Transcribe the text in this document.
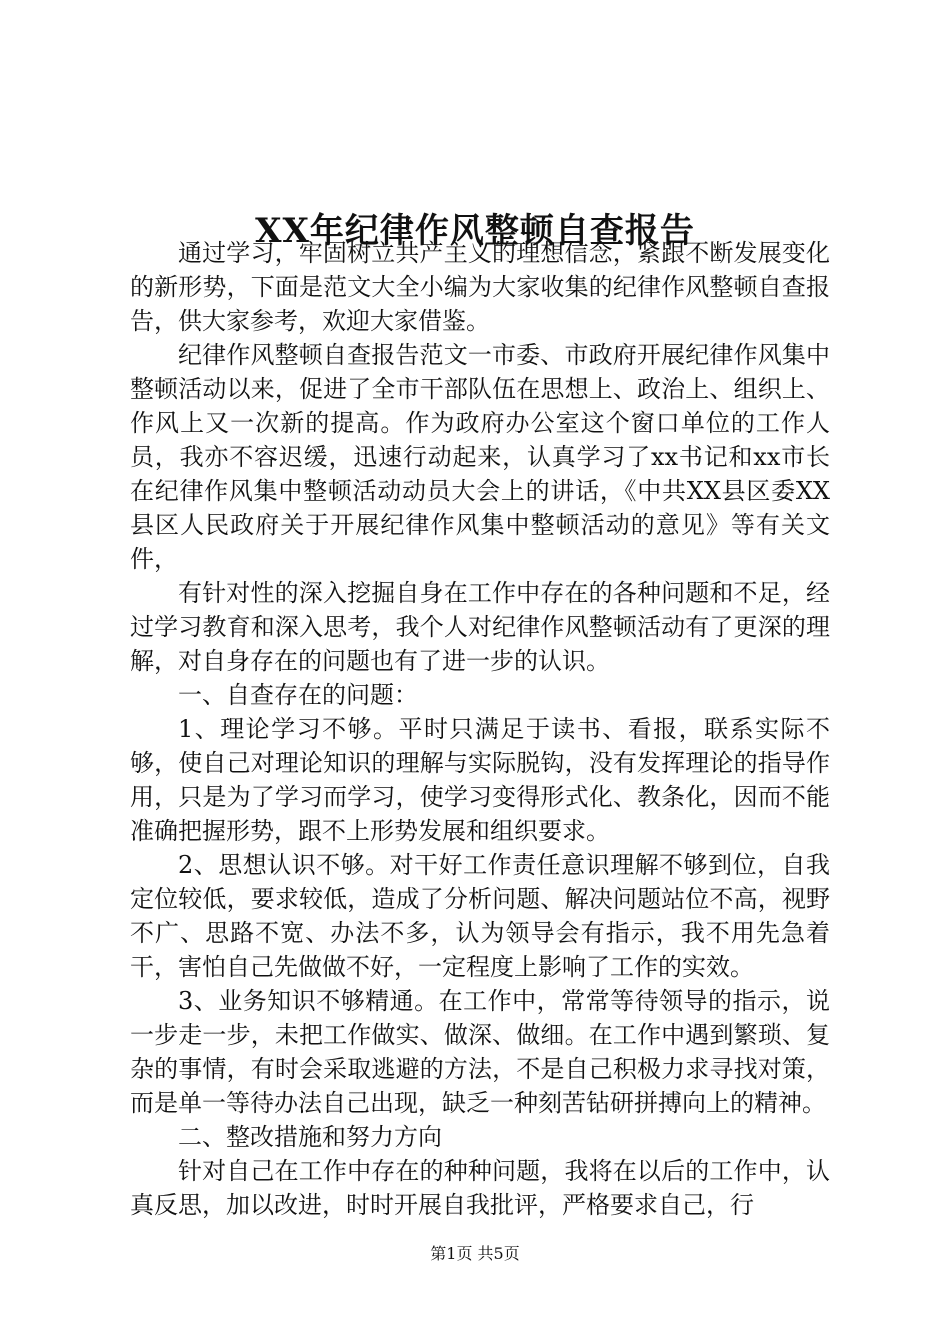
XX年纪律作风整顿自查报告

通过学习，牢固树立共产主义的理想信念，紧跟不断发展变化的新形势，下面是范文大全小编为大家收集的纪律作风整顿自查报告，供大家参考，欢迎大家借鉴。

纪律作风整顿自查报告范文一市委、市政府开展纪律作风集中整顿活动以来，促进了全市干部队伍在思想上、政治上、组织上、作风上又一次新的提高。作为政府办公室这个窗口单位的工作人员，我亦不容迟缓，迅速行动起来，认真学习了xx书记和xx市长在纪律作风集中整顿活动动员大会上的讲话，《中共XX县区委XX县区人民政府关于开展纪律作风集中整顿活动的意见》等有关文件，

有针对性的深入挖掘自身在工作中存在的各种问题和不足，经过学习教育和深入思考，我个人对纪律作风整顿活动有了更深的理解，对自身存在的问题也有了进一步的认识。

一、自查存在的问题：

1、理论学习不够。平时只满足于读书、看报，联系实际不够，使自己对理论知识的理解与实际脱钩，没有发挥理论的指导作用，只是为了学习而学习，使学习变得形式化、教条化，因而不能准确把握形势，跟不上形势发展和组织要求。

2、思想认识不够。对干好工作责任意识理解不够到位，自我定位较低，要求较低，造成了分析问题、解决问题站位不高，视野不广、思路不宽、办法不多，认为领导会有指示，我不用先急着干，害怕自己先做做不好，一定程度上影响了工作的实效。

3、业务知识不够精通。在工作中，常常等待领导的指示，说一步走一步，未把工作做实、做深、做细。在工作中遇到繁琐、复杂的事情，有时会采取逃避的方法，不是自己积极力求寻找对策，而是单一等待办法自己出现，缺乏一种刻苦钻研拼搏向上的精神。

二、整改措施和努力方向

针对自己在工作中存在的种种问题，我将在以后的工作中，认真反思，加以改进，时时开展自我批评，严格要求自己，行

第1页 共5页
